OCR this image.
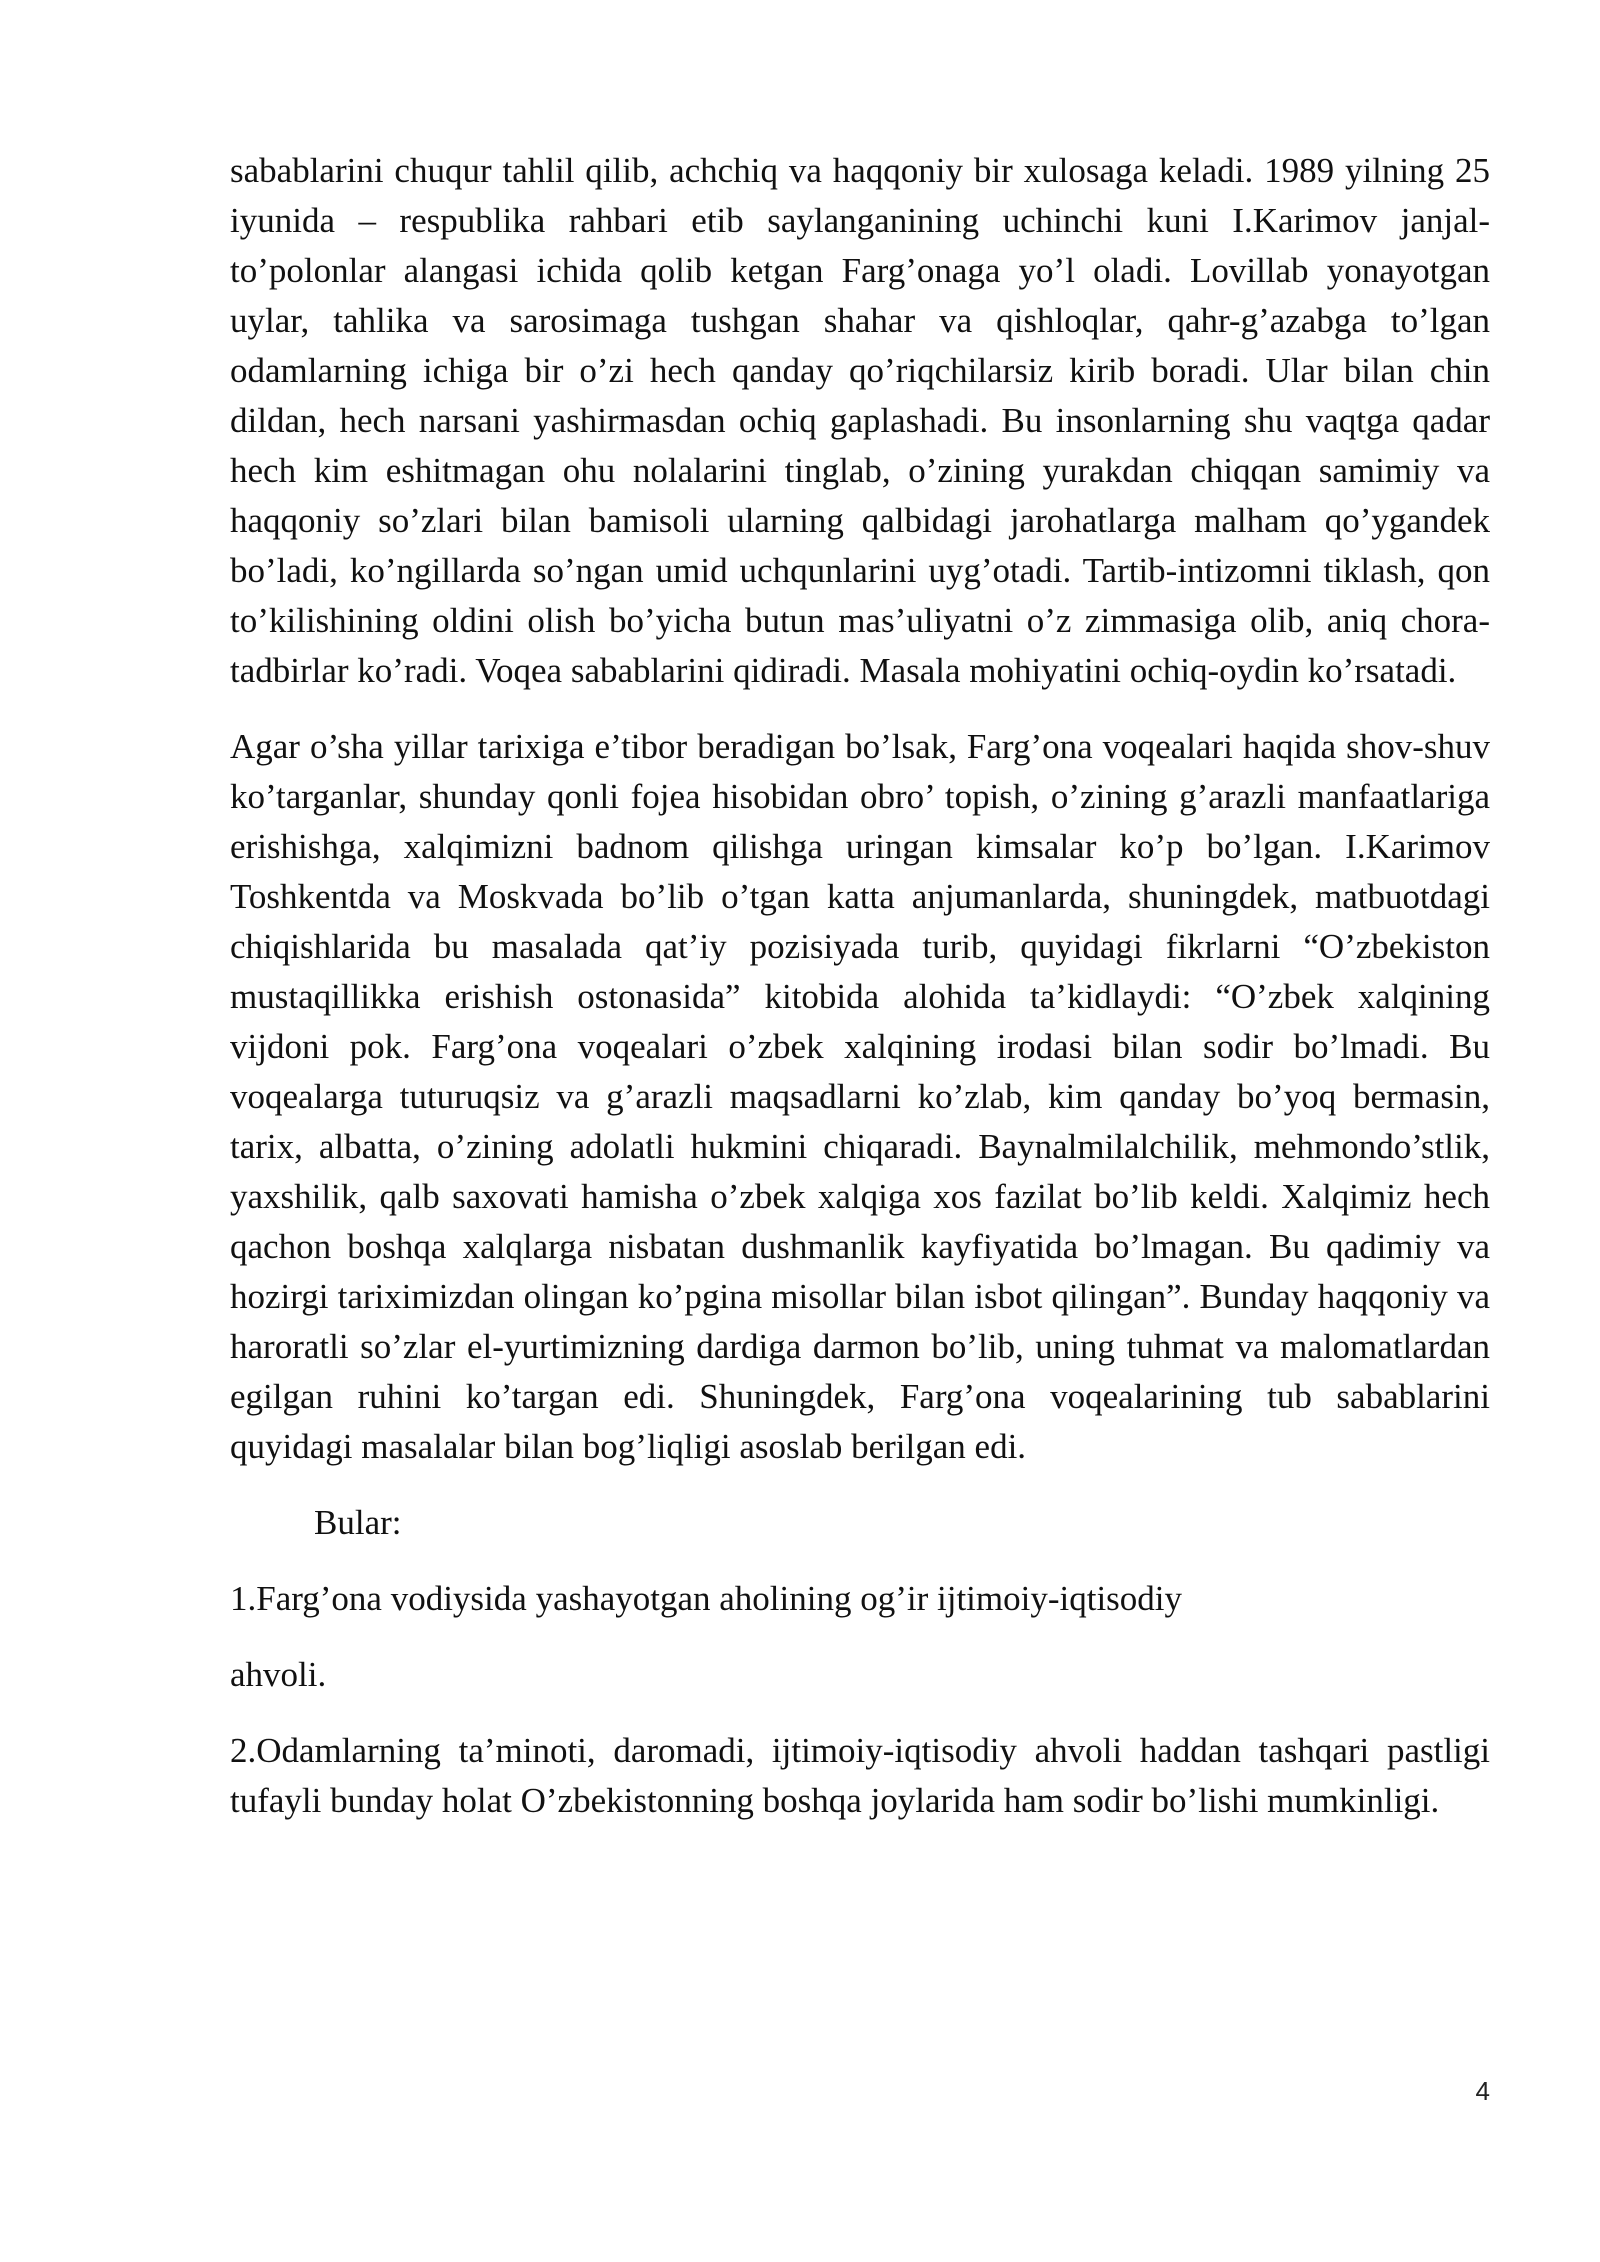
sabablarini chuqur tahlil qilib, achchiq va haqqoniy bir xulosaga keladi. 1989 yilning 25 iyunida – respublika rahbari etib saylanganining uchinchi kuni I.Karimov janjal-to’polonlar alangasi ichida qolib ketgan Farg’onaga yo’l oladi. Lovillab yonayotgan uylar, tahlika va sarosimaga tushgan shahar va qishloqlar, qahr-g’azabga to’lgan odamlarning ichiga bir o’zi hech qanday qo’riqchilarsiz kirib boradi. Ular bilan chin dildan, hech narsani yashirmasdan ochiq gaplashadi. Bu insonlarning shu vaqtga qadar hech kim eshitmagan ohu nolalarini tinglab, o’zining yurakdan chiqqan samimiy va haqqoniy so’zlari bilan bamisoli ularning qalbidagi jarohatlarga malham qo’ygandek bo’ladi, ko’ngillarda so’ngan umid uchqunlarini uyg’otadi. Tartib-intizomni tiklash, qon to’kilishining oldini olish bo’yicha butun mas’uliyatni o’z zimmasiga olib, aniq chora-tadbirlar ko’radi. Voqea sabablarini qidiradi. Masala mohiyatini ochiq-oydin ko’rsatadi.

Agar o’sha yillar tarixiga e’tibor beradigan bo’lsak, Farg’ona voqealari haqida shov-shuv ko’targanlar, shunday qonli fojea hisobidan obro’ topish, o’zining g’arazli manfaatlariga erishishga, xalqimizni badnom qilishga uringan kimsalar ko’p bo’lgan. I.Karimov Toshkentda va Moskvada bo’lib o’tgan katta anjumanlarda, shuningdek, matbuotdagi chiqishlarida bu masalada qat’iy pozisiyada turib, quyidagi fikrlarni “O’zbekiston mustaqillikka erishish ostonasida” kitobida alohida ta’kidlaydi: “O’zbek xalqining vijdoni pok. Farg’ona voqealari o’zbek xalqining irodasi bilan sodir bo’lmadi. Bu voqealarga tuturuqsiz va g’arazli maqsadlarni ko’zlab, kim qanday bo’yoq bermasin, tarix, albatta, o’zining adolatli hukmini chiqaradi. Baynalmilalchilik, mehmondo’stlik, yaxshilik, qalb saxovati hamisha o’zbek xalqiga xos fazilat bo’lib keldi. Xalqimiz hech qachon boshqa xalqlarga nisbatan dushmanlik kayfiyatida bo’lmagan. Bu qadimiy va hozirgi tariximizdan olingan ko’pgina misollar bilan isbot qilingan”. Bunday haqqoniy va haroratli so’zlar el-yurtimizning dardiga darmon bo’lib, uning tuhmat va malomatlardan egilgan ruhini ko’targan edi. Shuningdek, Farg’ona voqealarining tub sabablarini quyidagi masalalar bilan bog’liqligi asoslab berilgan edi.

Bular:

1.Farg’ona vodiysida yashayotgan aholining og’ir ijtimoiy-iqtisodiy

ahvoli.

2.Odamlarning ta’minoti, daromadi, ijtimoiy-iqtisodiy ahvoli haddan tashqari pastligi tufayli bunday holat O’zbekistonning boshqa joylarida ham sodir bo’lishi mumkinligi.

4
